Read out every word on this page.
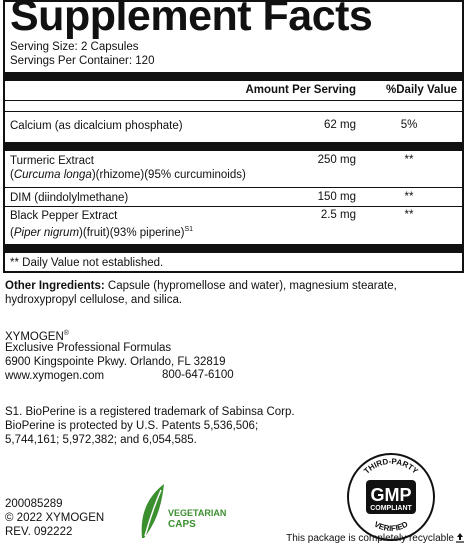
Supplement Facts
Serving Size: 2 Capsules
Servings Per Container: 120
Amount Per Serving	%Daily Value
Calcium (as dicalcium phosphate)	62 mg	5%
Turmeric Extract
(Curcuma longa)(rhizome)(95% curcuminoids)
250 mg	**
DIM (diindolylmethane)	150 mg	**
Black Pepper Extract
(Piper nigrum)(fruit)(93% piperine)$^{S1}$
2.5 mg	**
** Daily Value not established.
Other Ingredients: Capsule (hypromellose and water), magnesium stearate, hydroxypropyl cellulose, and silica.
XYMOGEN®
Exclusive Professional Formulas
6900 Kingspointe Pkwy. Orlando, FL 32819
www.xymogen.com	800-647-6100
S1. BioPerine is a registered trademark of Sabinsa Corp.
BioPerine is protected by U.S. Patents 5,536,506;
5,744,161; 5,972,382; and 6,054,585.
200085289
© 2022 XYMOGEN
REV. 092222
VEGETARIAN
CAPS
THIRD-PARTY
VERIFIED
GMP
COMPLIANT
This package is completely recyclable
